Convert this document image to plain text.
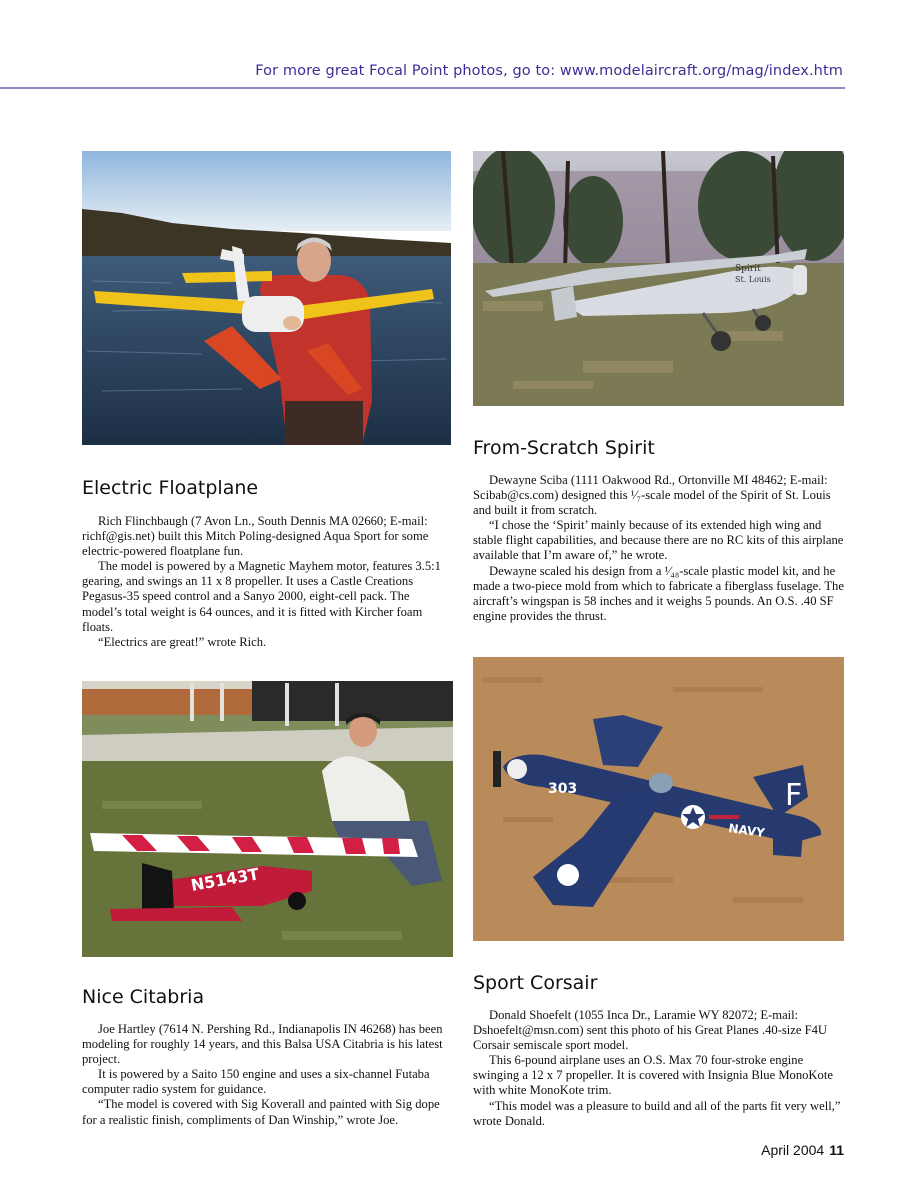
For more great Focal Point photos, go to: www.modelaircraft.org/mag/index.htm
Spirit
St. Louis
N5143T
303
NAVY
F
Electric Floatplane
From-Scratch Spirit
Nice Citabria
Sport Corsair

Rich Flinchbaugh (7 Avon Ln., South Dennis MA 02660; E-mail: richf@gis.net) built this Mitch Poling-designed Aqua Sport for some electric-powered floatplane fun.

The model is powered by a Magnetic Mayhem motor, features 3.5:1 gearing, and swings an 11 x 8 propeller. It uses a Castle Creations Pegasus-35 speed control and a Sanyo 2000, eight-cell pack. The model’s total weight is 64 ounces, and it is fitted with Kircher foam floats.

“Electrics are great!” wrote Rich.

Dewayne Sciba (1111 Oakwood Rd., Ortonville MI 48462; E-mail: Scibab@cs.com) designed this ¹⁄₇-scale model of the Spirit of St. Louis and built it from scratch.

“I chose the ‘Spirit’ mainly because of its extended high wing and stable flight capabilities, and because there are no RC kits of this airplane available that I’m aware of,” he wrote.

Dewayne scaled his design from a ¹⁄₄₈-scale plastic model kit, and he made a two-piece mold from which to fabricate a fiberglass fuselage. The aircraft’s wingspan is 58 inches and it weighs 5 pounds. An O.S. .40 SF engine provides the thrust.

Joe Hartley (7614 N. Pershing Rd., Indianapolis IN 46268) has been modeling for roughly 14 years, and this Balsa USA Citabria is his latest project.

It is powered by a Saito 150 engine and uses a six-channel Futaba computer radio system for guidance.

“The model is covered with Sig Koverall and painted with Sig dope for a realistic finish, compliments of Dan Winship,” wrote Joe.

Donald Shoefelt (1055 Inca Dr., Laramie WY 82072; E-mail: Dshoefelt@msn.com) sent this photo of his Great Planes .40-size F4U Corsair semiscale sport model.

This 6-pound airplane uses an O.S. Max 70 four-stroke engine swinging a 12 x 7 propeller. It is covered with Insignia Blue MonoKote with white MonoKote trim.

“This model was a pleasure to build and all of the parts fit very well,” wrote Donald.

April 2004 11
